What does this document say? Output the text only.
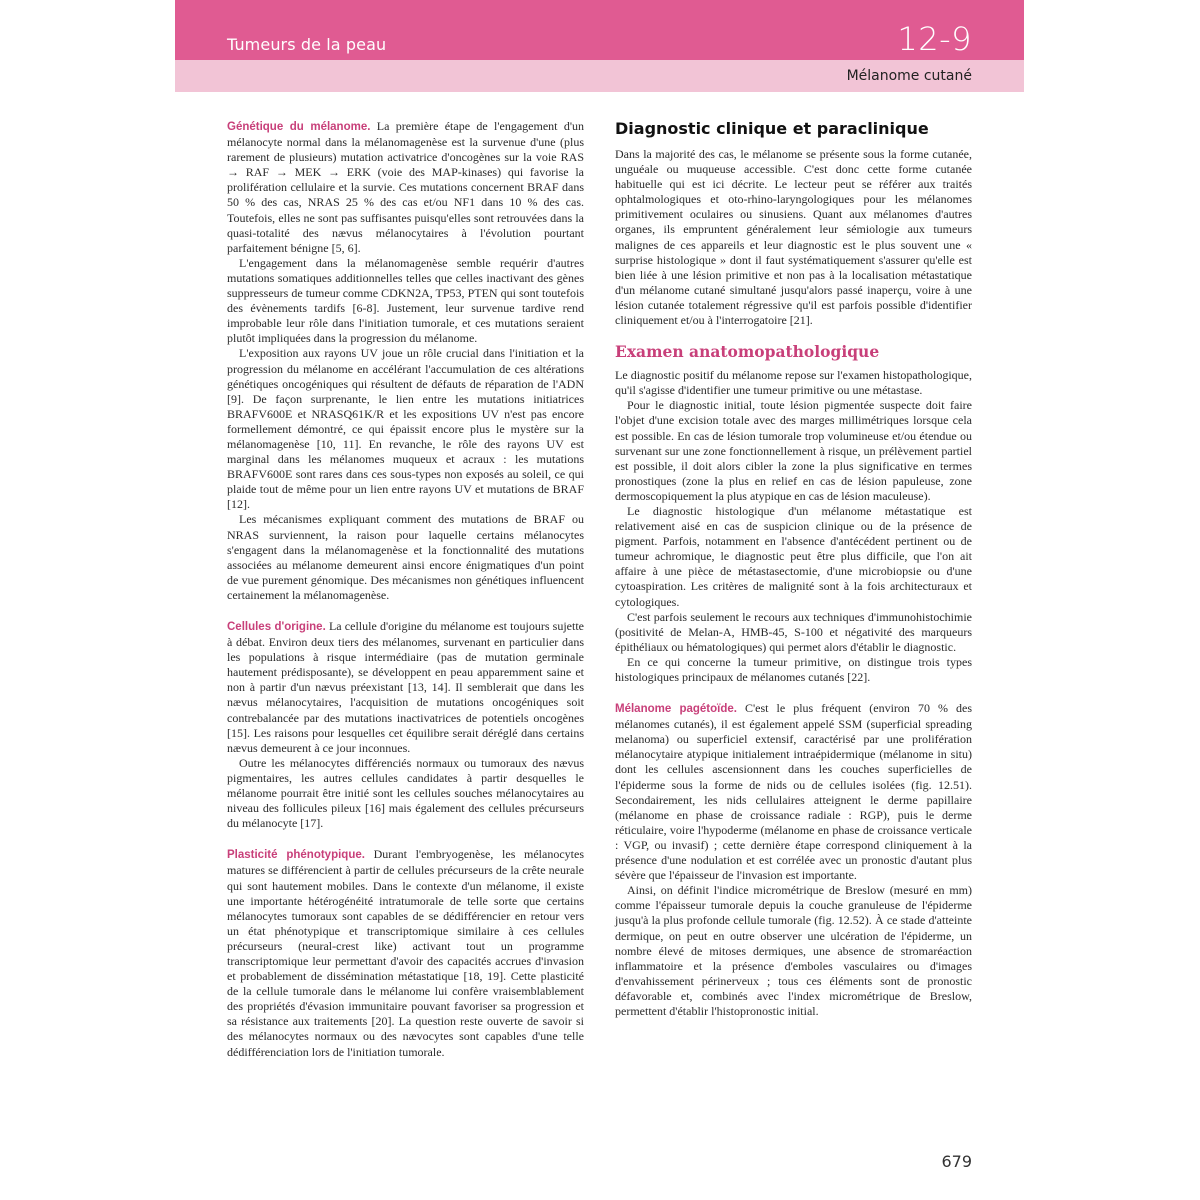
Tumeurs de la peau	12-9
Mélanome cutané

Génétique du mélanome. La première étape de l'engagement d'un mélanocyte normal dans la mélanomagenèse est la survenue d'une (plus rarement de plusieurs) mutation activatrice d'oncogènes sur la voie RAS → RAF → MEK → ERK (voie des MAP-kinases) qui favorise la prolifération cellulaire et la survie. Ces mutations concernent BRAF dans 50 % des cas, NRAS 25 % des cas et/ou NF1 dans 10 % des cas. Toutefois, elles ne sont pas suffisantes puisqu'elles sont retrouvées dans la quasi-totalité des nævus mélanocytaires à l'évolution pourtant parfaitement bénigne [5, 6].

L'engagement dans la mélanomagenèse semble requérir d'autres mutations somatiques additionnelles telles que celles inactivant des gènes suppresseurs de tumeur comme CDKN2A, TP53, PTEN qui sont toutefois des évènements tardifs [6-8]. Justement, leur survenue tardive rend improbable leur rôle dans l'initiation tumorale, et ces mutations seraient plutôt impliquées dans la progression du mélanome.

L'exposition aux rayons UV joue un rôle crucial dans l'initiation et la progression du mélanome en accélérant l'accumulation de ces altérations génétiques oncogéniques qui résultent de défauts de réparation de l'ADN [9]. De façon surprenante, le lien entre les mutations initiatrices BRAFV600E et NRASQ61K/R et les expositions UV n'est pas encore formellement démontré, ce qui épaissit encore plus le mystère sur la mélanomagenèse [10, 11]. En revanche, le rôle des rayons UV est marginal dans les mélanomes muqueux et acraux : les mutations BRAFV600E sont rares dans ces sous-types non exposés au soleil, ce qui plaide tout de même pour un lien entre rayons UV et mutations de BRAF [12].

Les mécanismes expliquant comment des mutations de BRAF ou NRAS surviennent, la raison pour laquelle certains mélanocytes s'engagent dans la mélanomagenèse et la fonctionnalité des mutations associées au mélanome demeurent ainsi encore énigmatiques d'un point de vue purement génomique. Des mécanismes non génétiques influencent certainement la mélanomagenèse.

Cellules d'origine. La cellule d'origine du mélanome est toujours sujette à débat. Environ deux tiers des mélanomes, survenant en particulier dans les populations à risque intermédiaire (pas de mutation germinale hautement prédisposante), se développent en peau apparemment saine et non à partir d'un nævus préexistant [13, 14]. Il semblerait que dans les nævus mélanocytaires, l'acquisition de mutations oncogéniques soit contrebalancée par des mutations inactivatrices de potentiels oncogènes [15]. Les raisons pour lesquelles cet équilibre serait déréglé dans certains nævus demeurent à ce jour inconnues.

Outre les mélanocytes différenciés normaux ou tumoraux des nævus pigmentaires, les autres cellules candidates à partir desquelles le mélanome pourrait être initié sont les cellules souches mélanocytaires au niveau des follicules pileux [16] mais également des cellules précurseurs du mélanocyte [17].

Plasticité phénotypique. Durant l'embryogenèse, les mélanocytes matures se différencient à partir de cellules précurseurs de la crête neurale qui sont hautement mobiles. Dans le contexte d'un mélanome, il existe une importante hétérogénéité intratumorale de telle sorte que certains mélanocytes tumoraux sont capables de se dédifférencier en retour vers un état phénotypique et transcriptomique similaire à ces cellules précurseurs (neural-crest like) activant tout un programme transcriptomique leur permettant d'avoir des capacités accrues d'invasion et probablement de dissémination métastatique [18, 19]. Cette plasticité de la cellule tumorale dans le mélanome lui confère vraisemblablement des propriétés d'évasion immunitaire pouvant favoriser sa progression et sa résistance aux traitements [20]. La question reste ouverte de savoir si des mélanocytes normaux ou des nævocytes sont capables d'une telle dédifférenciation lors de l'initiation tumorale.

Diagnostic clinique et paraclinique

Dans la majorité des cas, le mélanome se présente sous la forme cutanée, unguéale ou muqueuse accessible. C'est donc cette forme cutanée habituelle qui est ici décrite. Le lecteur peut se référer aux traités ophtalmologiques et oto-rhino-laryngologiques pour les mélanomes primitivement oculaires ou sinusiens. Quant aux mélanomes d'autres organes, ils empruntent généralement leur sémiologie aux tumeurs malignes de ces appareils et leur diagnostic est le plus souvent une « surprise histologique » dont il faut systématiquement s'assurer qu'elle est bien liée à une lésion primitive et non pas à la localisation métastatique d'un mélanome cutané simultané jusqu'alors passé inaperçu, voire à une lésion cutanée totalement régressive qu'il est parfois possible d'identifier cliniquement et/ou à l'interrogatoire [21].

Examen anatomopathologique

Le diagnostic positif du mélanome repose sur l'examen histopathologique, qu'il s'agisse d'identifier une tumeur primitive ou une métastase.

Pour le diagnostic initial, toute lésion pigmentée suspecte doit faire l'objet d'une excision totale avec des marges millimétriques lorsque cela est possible. En cas de lésion tumorale trop volumineuse et/ou étendue ou survenant sur une zone fonctionnellement à risque, un prélèvement partiel est possible, il doit alors cibler la zone la plus significative en termes pronostiques (zone la plus en relief en cas de lésion papuleuse, zone dermoscopiquement la plus atypique en cas de lésion maculeuse).

Le diagnostic histologique d'un mélanome métastatique est relativement aisé en cas de suspicion clinique ou de la présence de pigment. Parfois, notamment en l'absence d'antécédent pertinent ou de tumeur achromique, le diagnostic peut être plus difficile, que l'on ait affaire à une pièce de métastasectomie, d'une microbiopsie ou d'une cytoaspiration. Les critères de malignité sont à la fois architecturaux et cytologiques.

C'est parfois seulement le recours aux techniques d'immunohistochimie (positivité de Melan-A, HMB-45, S-100 et négativité des marqueurs épithéliaux ou hématologiques) qui permet alors d'établir le diagnostic.

En ce qui concerne la tumeur primitive, on distingue trois types histologiques principaux de mélanomes cutanés [22].

Mélanome pagétoïde. C'est le plus fréquent (environ 70 % des mélanomes cutanés), il est également appelé SSM (superficial spreading melanoma) ou superficiel extensif, caractérisé par une prolifération mélanocytaire atypique initialement intraépidermique (mélanome in situ) dont les cellules ascensionnent dans les couches superficielles de l'épiderme sous la forme de nids ou de cellules isolées (fig. 12.51). Secondairement, les nids cellulaires atteignent le derme papillaire (mélanome en phase de croissance radiale : RGP), puis le derme réticulaire, voire l'hypoderme (mélanome en phase de croissance verticale : VGP, ou invasif) ; cette dernière étape correspond cliniquement à la présence d'une nodulation et est corrélée avec un pronostic d'autant plus sévère que l'épaisseur de l'invasion est importante.

Ainsi, on définit l'indice micrométrique de Breslow (mesuré en mm) comme l'épaisseur tumorale depuis la couche granuleuse de l'épiderme jusqu'à la plus profonde cellule tumorale (fig. 12.52). À ce stade d'atteinte dermique, on peut en outre observer une ulcération de l'épiderme, un nombre élevé de mitoses dermiques, une absence de stromaréaction inflammatoire et la présence d'emboles vasculaires ou d'images d'envahissement périnerveux ; tous ces éléments sont de pronostic défavorable et, combinés avec l'index micrométrique de Breslow, permettent d'établir l'histopronostic initial.

679
